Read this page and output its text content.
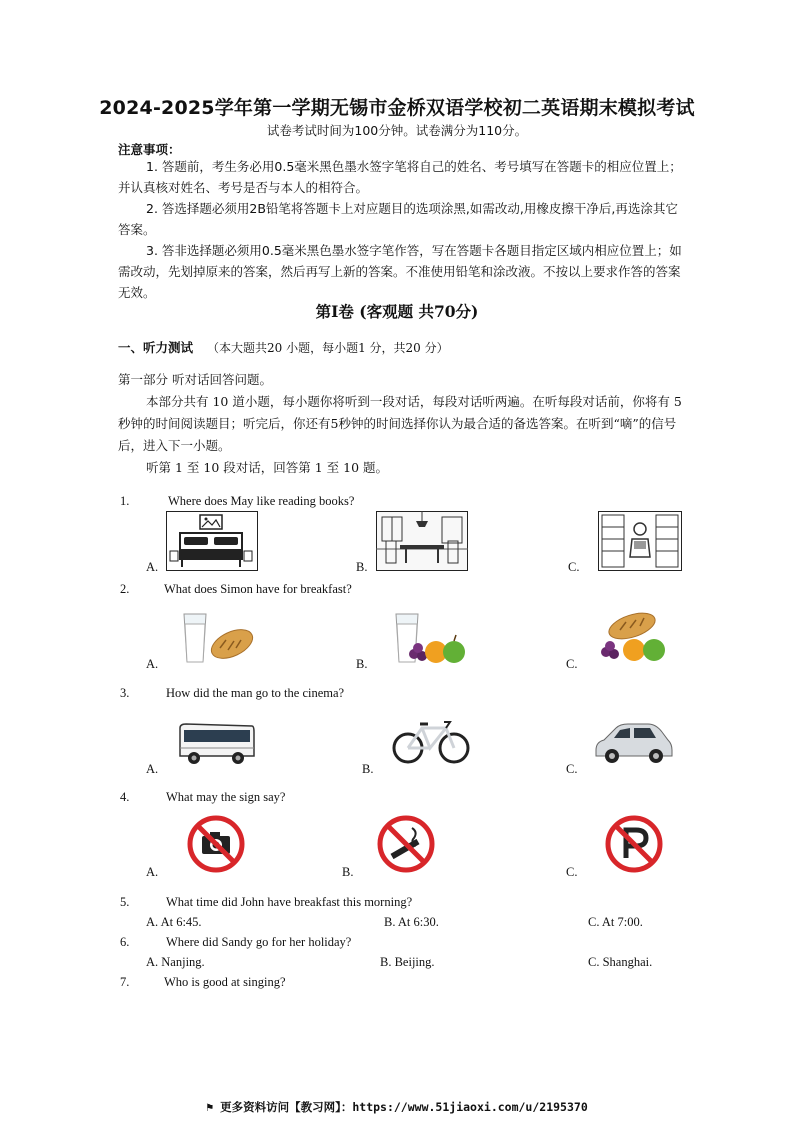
2024-2025学年第一学期无锡市金桥双语学校初二英语期末模拟考试
试卷考试时间为100分钟。试卷满分为110分。
注意事项：
1. 答题前，考生务必用0.5毫米黑色墨水签字笔将自己的姓名、考号填写在答题卡的相应位置上；并认真核对姓名、考号是否与本人的相符合。
2. 答选择题必须用2B铅笔将答题卡上对应题目的选项涂黑,如需改动,用橡皮擦干净后,再选涂其它答案。
3. 答非选择题必须用0.5毫米黑色墨水签字笔作答，写在答题卡各题目指定区域内相应位置上；如需改动，先划掉原来的答案，然后再写上新的答案。不准使用铅笔和涂改液。不按以上要求作答的答案无效。
第Ⅰ卷 (客观题 共70分)
一、听力测试 （本大题共20 小题，每小题1 分，共20 分）
第一部分 听对话回答问题。
本部分共有 10 道小题，每小题你将听到一段对话，每段对话听两遍。在听每段对话前，你将有 5 秒钟的时间阅读题目；听完后，你还有5秒钟的时间选择你认为最合适的备选答案。在听到“嘀”的信号后，进入下一小题。
听第 1 至 10 段对话，回答第 1 至 10 题。
1.	Where does May like reading books?
A.	B.	C.
2.	What does Simon have for breakfast?
A.	B.	C.
3.	How did the man go to the cinema?
A.	B.	C.
4.	What may the sign say?
A.	B.	C.
5.	What time did John have breakfast this morning?
A. At 6:45.	B. At 6:30.	C. At 7:00.
6.	Where did Sandy go for her holiday?
A. Nanjing.	B. Beijing.	C. Shanghai.
7.	Who is good at singing?
⚑ 更多资料访问【教习网】：https://www.51jiaoxi.com/u/2195370
